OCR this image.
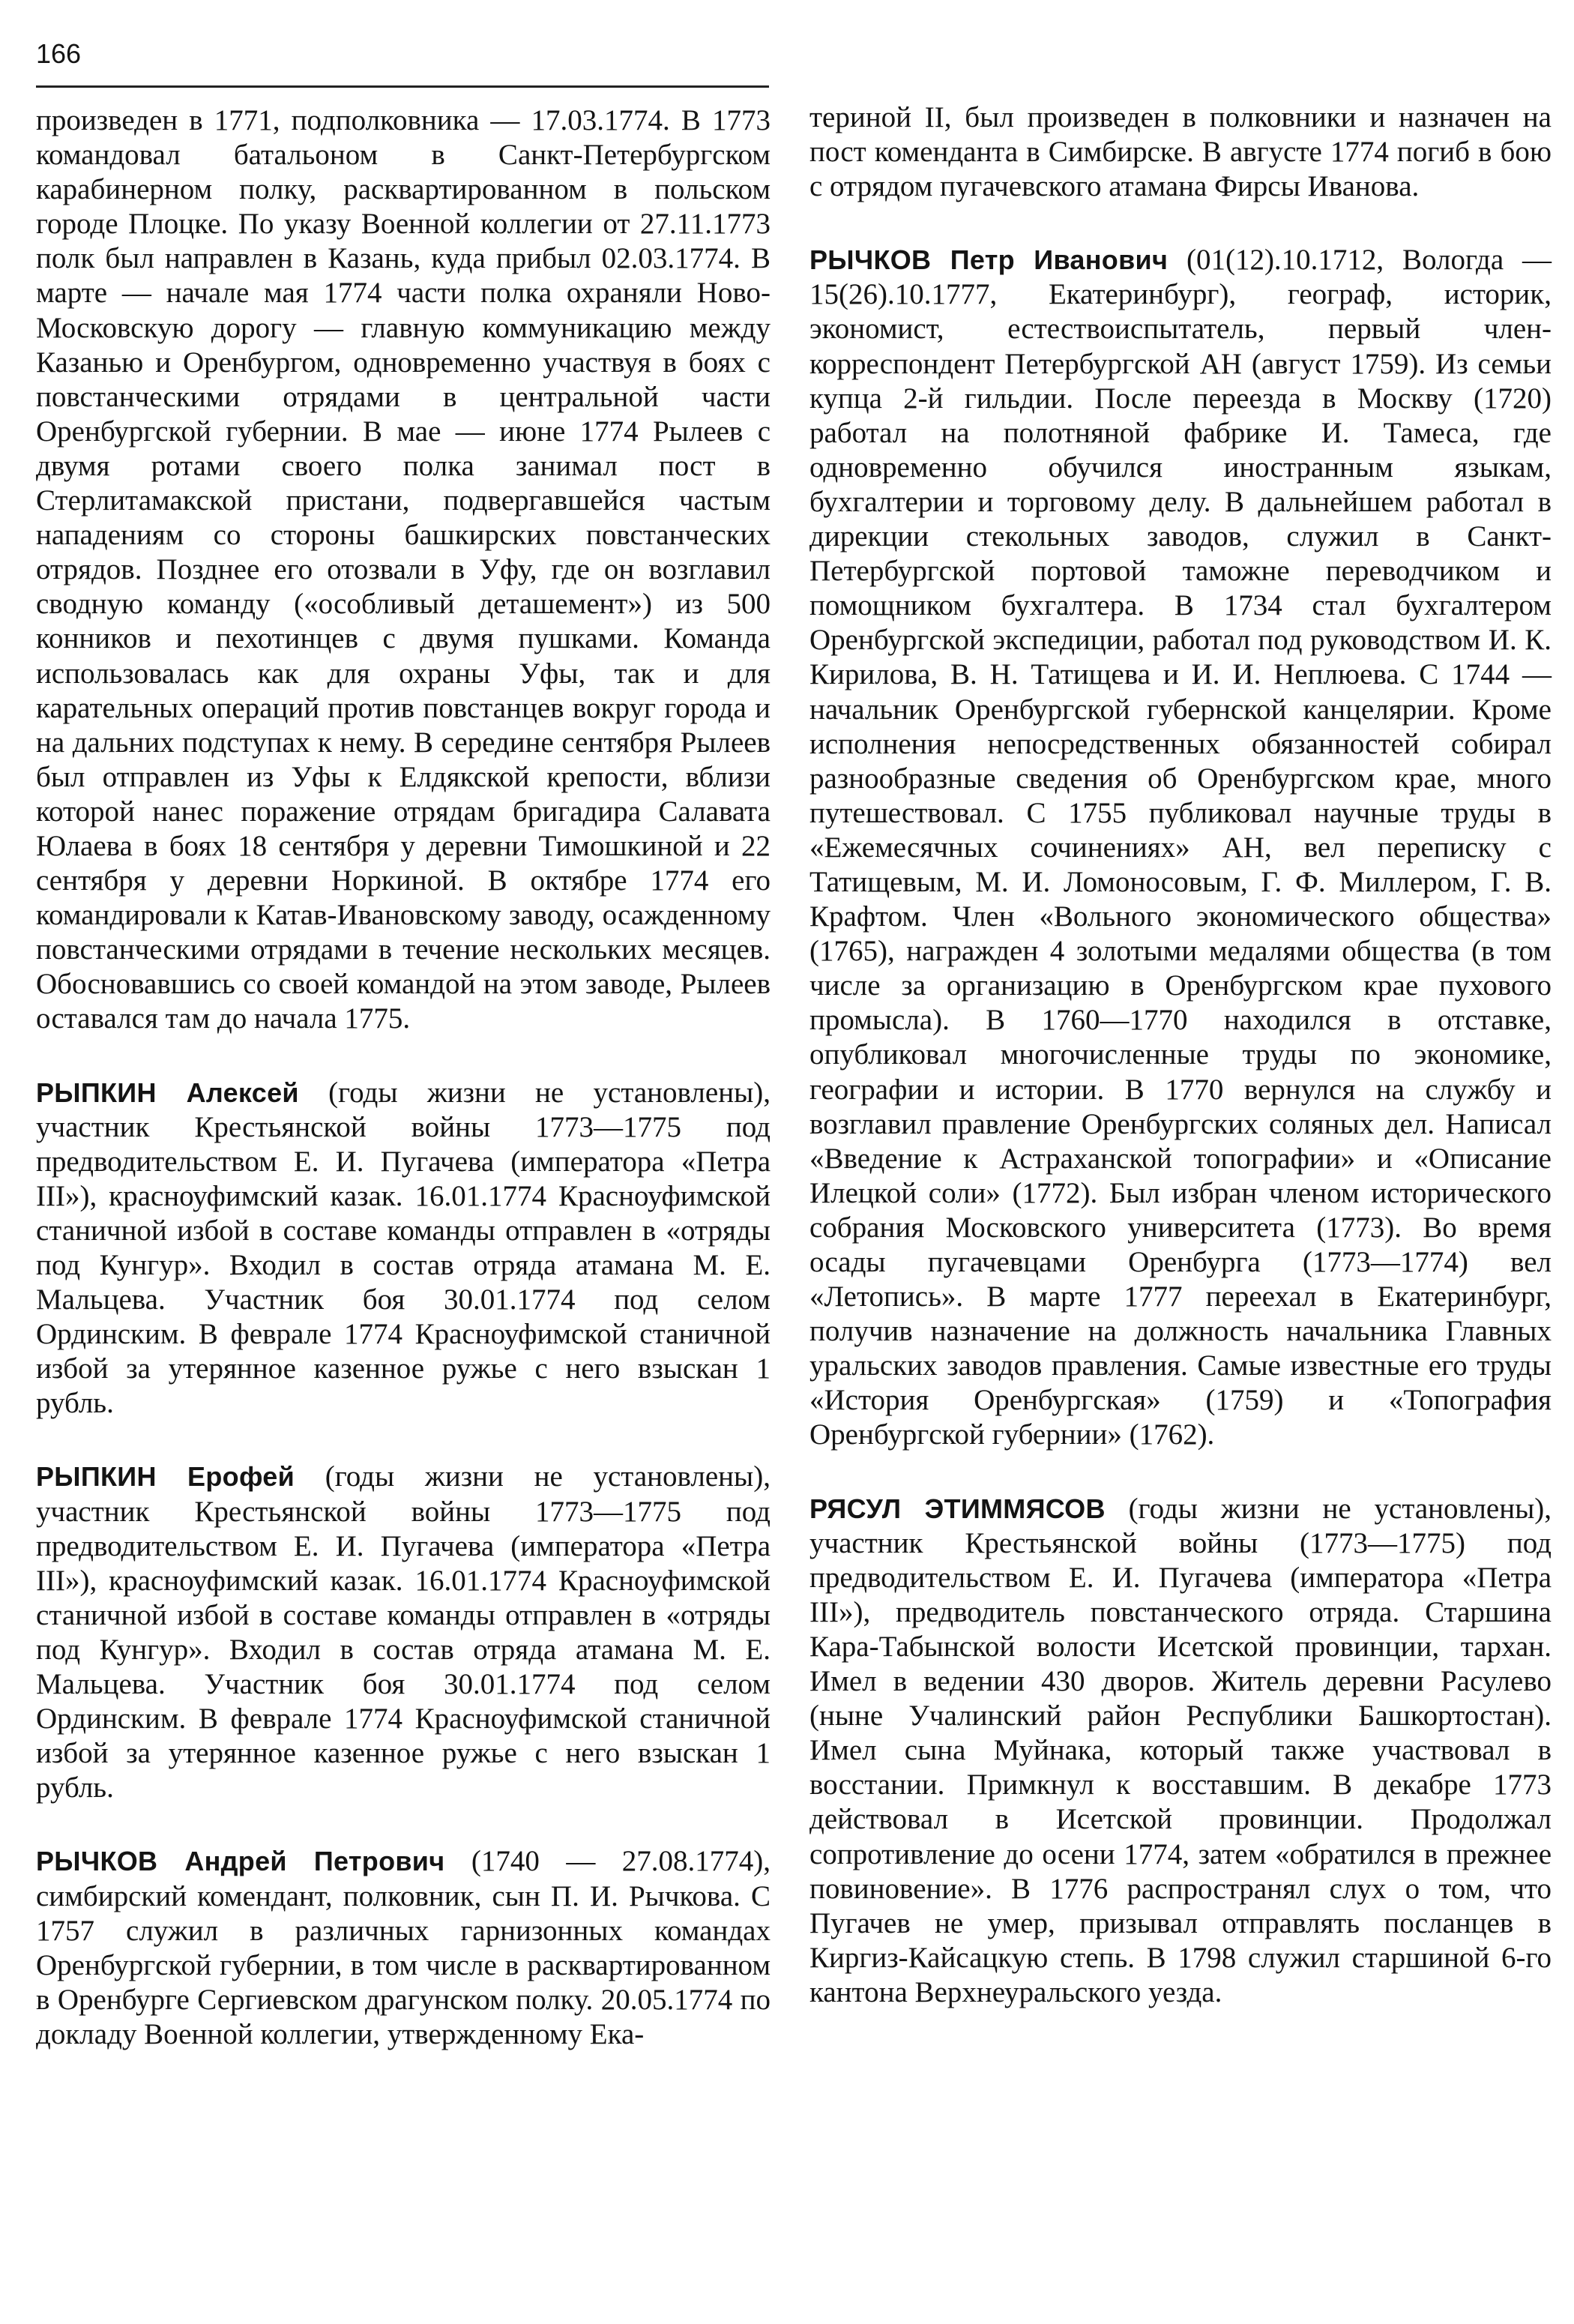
166

произведен в 1771, подполковника — 17.03.1774. В 1773 командовал батальоном в Санкт-Петербургском карабинерном полку, расквартированном в польском городе Плоцке. По указу Военной коллегии от 27.11.1773 полк был направлен в Казань, куда прибыл 02.03.1774. В марте — начале мая 1774 части полка охраняли Ново-Московскую дорогу — главную коммуникацию между Казанью и Оренбургом, одновременно участвуя в боях с повстанческими отрядами в центральной части Оренбургской губернии. В мае — июне 1774 Рылеев с двумя ротами своего полка занимал пост в Стерлитамакской пристани, подвергавшейся частым нападениям со стороны башкирских повстанческих отрядов. Позднее его отозвали в Уфу, где он возглавил сводную команду («особливый деташемент») из 500 конников и пехотинцев с двумя пушками. Команда использовалась как для охраны Уфы, так и для карательных операций против повстанцев вокруг города и на дальних подступах к нему. В середине сентября Рылеев был отправлен из Уфы к Елдякской крепости, вблизи которой нанес поражение отрядам бригадира Салавата Юлаева в боях 18 сентября у деревни Тимошкиной и 22 сентября у деревни Норкиной. В октябре 1774 его командировали к Катав-Ивановскому заводу, осажденному повстанческими отрядами в течение нескольких месяцев. Обосновавшись со своей командой на этом заводе, Рылеев оставался там до начала 1775.

РЫПКИН Алексей (годы жизни не установлены), участник Крестьянской войны 1773—1775 под предводительством Е. И. Пугачева (императора «Петра III»), красноуфимский казак. 16.01.1774 Красноуфимской станичной избой в составе команды отправлен в «отряды под Кунгур». Входил в состав отряда атамана М. Е. Мальцева. Участник боя 30.01.1774 под селом Ординским. В феврале 1774 Красноуфимской станичной избой за утерянное казенное ружье с него взыскан 1 рубль.

РЫПКИН Ерофей (годы жизни не установлены), участник Крестьянской войны 1773—1775 под предводительством Е. И. Пугачева (императора «Петра III»), красноуфимский казак. 16.01.1774 Красноуфимской станичной избой в составе команды отправлен в «отряды под Кунгур». Входил в состав отряда атамана М. Е. Мальцева. Участник боя 30.01.1774 под селом Ординским. В феврале 1774 Красноуфимской станичной избой за утерянное казенное ружье с него взыскан 1 рубль.

РЫЧКОВ Андрей Петрович (1740 — 27.08.1774), симбирский комендант, полковник, сын П. И. Рычкова. С 1757 служил в различных гарнизонных командах Оренбургской губернии, в том числе в расквартированном в Оренбурге Сергиевском драгунском полку. 20.05.1774 по докладу Военной коллегии, утвержденному Ека-

териной II, был произведен в полковники и назначен на пост коменданта в Симбирске. В августе 1774 погиб в бою с отрядом пугачевского атамана Фирсы Иванова.

РЫЧКОВ Петр Иванович (01(12).10.1712, Вологда — 15(26).10.1777, Екатеринбург), географ, историк, экономист, естествоиспытатель, первый член-корреспондент Петербургской АН (август 1759). Из семьи купца 2-й гильдии. После переезда в Москву (1720) работал на полотняной фабрике И. Тамеса, где одновременно обучился иностранным языкам, бухгалтерии и торговому делу. В дальнейшем работал в дирекции стекольных заводов, служил в Санкт-Петербургской портовой таможне переводчиком и помощником бухгалтера. В 1734 стал бухгалтером Оренбургской экспедиции, работал под руководством И. К. Кирилова, В. Н. Татищева и И. И. Неплюева. С 1744 — начальник Оренбургской губернской канцелярии. Кроме исполнения непосредственных обязанностей собирал разнообразные сведения об Оренбургском крае, много путешествовал. С 1755 публиковал научные труды в «Ежемесячных сочинениях» АН, вел переписку с Татищевым, М. И. Ломоносовым, Г. Ф. Миллером, Г. В. Крафтом. Член «Вольного экономического общества» (1765), награжден 4 золотыми медалями общества (в том числе за организацию в Оренбургском крае пухового промысла). В 1760—1770 находился в отставке, опубликовал многочисленные труды по экономике, географии и истории. В 1770 вернулся на службу и возглавил правление Оренбургских соляных дел. Написал «Введение к Астраханской топографии» и «Описание Илецкой соли» (1772). Был избран членом исторического собрания Московского университета (1773). Во время осады пугачевцами Оренбурга (1773—1774) вел «Летопись». В марте 1777 переехал в Екатеринбург, получив назначение на должность начальника Главных уральских заводов правления. Самые известные его труды «История Оренбургская» (1759) и «Топография Оренбургской губернии» (1762).

РЯСУЛ ЭТИММЯСОВ (годы жизни не установлены), участник Крестьянской войны (1773—1775) под предводительством Е. И. Пугачева (императора «Петра III»), предводитель повстанческого отряда. Старшина Кара-Табынской волости Исетской провинции, тархан. Имел в ведении 430 дворов. Житель деревни Расулево (ныне Учалинский район Республики Башкортостан). Имел сына Муйнака, который также участвовал в восстании. Примкнул к восставшим. В декабре 1773 действовал в Исетской провинции. Продолжал сопротивление до осени 1774, затем «обратился в прежнее повиновение». В 1776 распространял слух о том, что Пугачев не умер, призывал отправлять посланцев в Киргиз-Кайсацкую степь. В 1798 служил старшиной 6-го кантона Верхнеуральского уезда.
